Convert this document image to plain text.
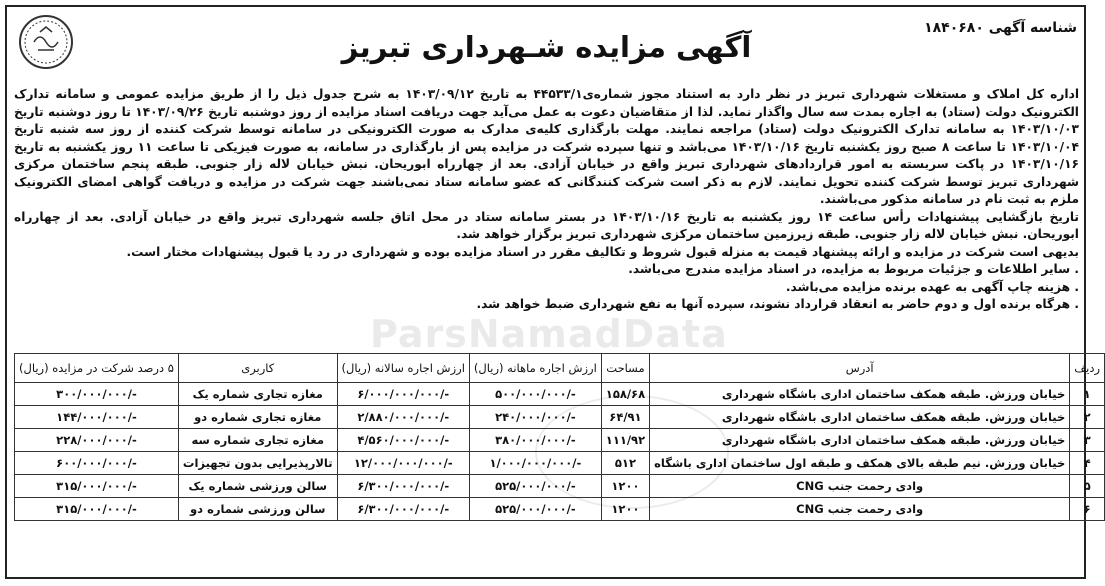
شناسه آگهی ۱۸۴۰۶۸۰
آگهی مزایده شـهرداری تبریز

اداره کل املاک و مستغلات شهرداری تبریز در نظر دارد به استناد مجوز شماره‌ی۴۴۵۳۳/۱ به تاریخ ۱۴۰۳/۰۹/۱۲ به شرح جدول ذیل را از طریق مزایده عمومی و سامانه تدارک الکترونیک دولت (ستاد) به اجاره بمدت سه سال واگذار نماید. لذا از متقاضیان دعوت به عمل می‌آید جهت دریافت اسناد مزایده از روز دوشنبه تاریخ ۱۴۰۳/۰۹/۲۶ تا روز دوشنبه تاریخ ۱۴۰۳/۱۰/۰۳ به سامانه تدارک الکترونیک دولت (ستاد) مراجعه نمایند. مهلت بارگذاری کلیه‌ی مدارک به صورت الکترونیکی در سامانه توسط شرکت کننده از روز سه شنبه تاریخ ۱۴۰۳/۱۰/۰۴ تا ساعت ۸ صبح روز یکشنبه تاریخ ۱۴۰۳/۱۰/۱۶ می‌باشد و تنها سپرده شرکت در مزایده پس از بارگذاری در سامانه، به صورت فیزیکی تا ساعت ۱۱ روز یکشنبه به تاریخ ۱۴۰۳/۱۰/۱۶ در پاکت سربسته به امور قراردادهای شهرداری تبریز واقع در خیابان آزادی. بعد از چهارراه ابوریحان. نبش خیابان لاله زار جنوبی. طبقه پنجم ساختمان مرکزی شهرداری تبریز توسط شرکت کننده تحویل نمایند. لازم به ذکر است شرکت کنندگانی که عضو سامانه ستاد نمی‌باشند جهت شرکت در مزایده و دریافت گواهی امضای الکترونیک ملزم به ثبت نام در سامانه مذکور می‌باشند.

تاریخ بازگشایی پیشنهادات رأس ساعت ۱۴ روز یکشنبه به تاریخ ۱۴۰۳/۱۰/۱۶ در بستر سامانه ستاد در محل اتاق جلسه شهرداری تبریز واقع در خیابان آزادی. بعد از چهارراه ابوریحان. نبش خیابان لاله زار جنوبی. طبقه زیرزمین ساختمان مرکزی شهرداری تبریز برگزار خواهد شد.

بدیهی است شرکت در مزایده و ارائه پیشنهاد قیمت به منزله قبول شروط و تکالیف مقرر در اسناد مزایده بوده و شهرداری در رد یا قبول پیشنهادات مختار است.

. سایر اطلاعات و جزئیات مربوط به مزایده، در اسناد مزایده مندرج می‌باشد.

. هزینه چاپ آگهی به عهده برنده مزایده می‌باشد.

. هرگاه برنده اول و دوم حاضر به انعقاد قرارداد نشوند، سپرده آنها به نفع شهرداری ضبط خواهد شد.

ParsNamadData
ردیف	آدرس	مساحت	ارزش اجاره ماهانه (ریال)	ارزش اجاره سالانه (ریال)	کاربری	۵ درصد شرکت در مزایده (ریال)
۱	خیابان ورزش. طبقه همکف ساختمان اداری باشگاه شهرداری	۱۵۸/۶۸	-/۵۰۰/۰۰۰/۰۰۰	-/۶/۰۰۰/۰۰۰/۰۰۰	مغازه تجاری شماره یک	-/۳۰۰/۰۰۰/۰۰۰
۲	خیابان ورزش. طبقه همکف ساختمان اداری باشگاه شهرداری	۶۴/۹۱	-/۲۴۰/۰۰۰/۰۰۰	-/۲/۸۸۰/۰۰۰/۰۰۰	مغازه تجاری شماره دو	-/۱۴۴/۰۰۰/۰۰۰
۳	خیابان ورزش. طبقه همکف ساختمان اداری باشگاه شهرداری	۱۱۱/۹۲	-/۳۸۰/۰۰۰/۰۰۰	-/۴/۵۶۰/۰۰۰/۰۰۰	مغازه تجاری شماره سه	-/۲۲۸/۰۰۰/۰۰۰
۴	خیابان ورزش. نیم طبقه بالای همکف و طبقه اول ساختمان اداری باشگاه	۵۱۲	-/۱/۰۰۰/۰۰۰/۰۰۰	-/۱۲/۰۰۰/۰۰۰/۰۰۰	تالارپذیرایی بدون تجهیزات	-/۶۰۰/۰۰۰/۰۰۰
۵	وادی رحمت جنب CNG	۱۲۰۰	-/۵۲۵/۰۰۰/۰۰۰	-/۶/۳۰۰/۰۰۰/۰۰۰	سالن ورزشی شماره یک	-/۳۱۵/۰۰۰/۰۰۰
۶	وادی رحمت جنب CNG	۱۲۰۰	-/۵۲۵/۰۰۰/۰۰۰	-/۶/۳۰۰/۰۰۰/۰۰۰	سالن ورزشی شماره دو	-/۳۱۵/۰۰۰/۰۰۰
